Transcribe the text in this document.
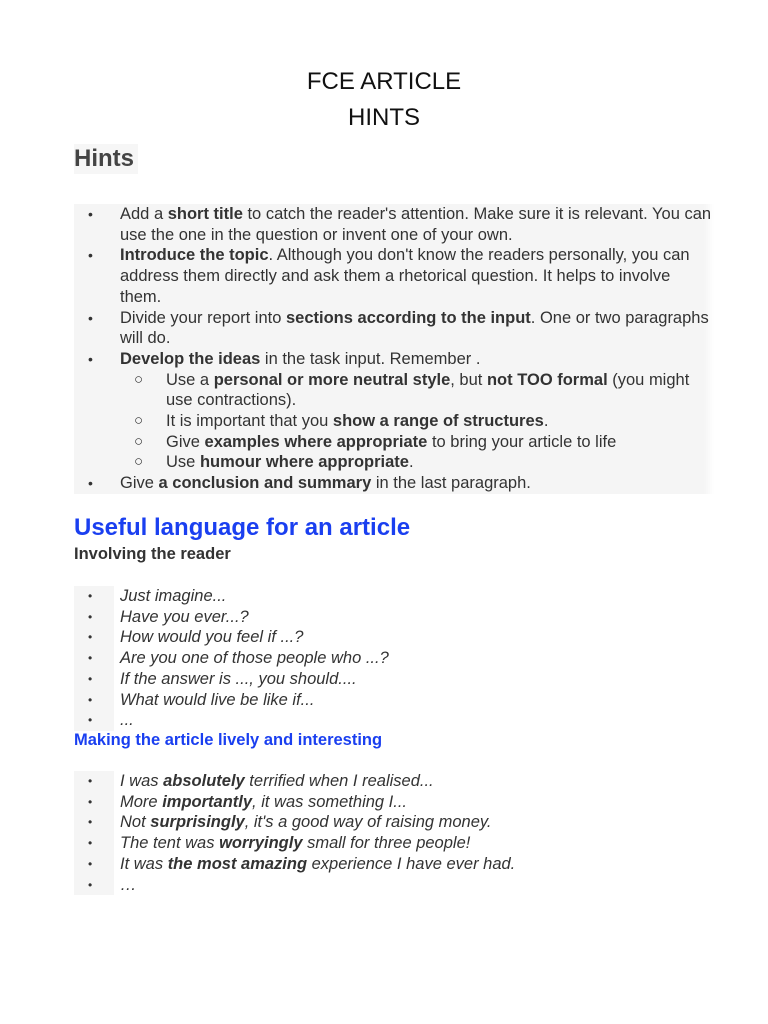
FCE ARTICLE
HINTS
Hints
• Add a short title to catch the reader's attention. Make sure it is relevant. You can use the one in the question or invent one of your own.
• Introduce the topic. Although you don't know the readers personally, you can address them directly and ask them a rhetorical question. It helps to involve them.
• Divide your report into sections according to the input. One or two paragraphs will do.
• Develop the ideas in the task input. Remember .
○ Use a personal or more neutral style, but not TOO formal (you might use contractions).
○ It is important that you show a range of structures.
○ Give examples where appropriate to bring your article to life
○ Use humour where appropriate.
• Give a conclusion and summary in the last paragraph.
Useful language for an article
Involving the reader
• Just imagine...
• Have you ever...?
• How would you feel if ...?
• Are you one of those people who ...?
• If the answer is ..., you should....
• What would live be like if...
• ...
Making the article lively and interesting
• I was absolutely terrified when I realised...
• More importantly, it was something I...
• Not surprisingly, it's a good way of raising money.
• The tent was worryingly small for three people!
• It was the most amazing experience I have ever had.
• …
